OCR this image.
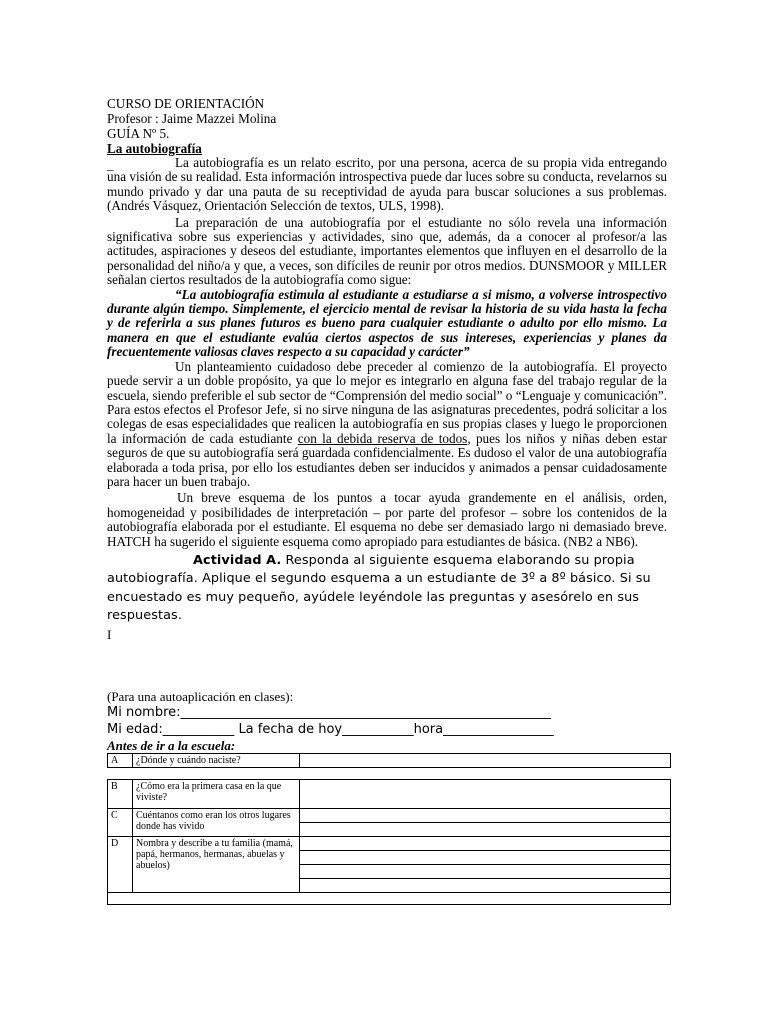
_

CURSO DE ORIENTACIÓN

Profesor : Jaime Mazzei Molina

GUÍA Nº 5.

La autobiografía

La autobiografía es un relato escrito, por una persona, acerca de su propia vida entregando una visión de su realidad. Esta información introspectiva puede dar luces sobre su conducta, revelarnos su mundo privado y dar una pauta de su receptividad de ayuda para buscar soluciones a sus problemas. (Andrés Vásquez, Orientación Selección de textos, ULS, 1998).

La preparación de una autobiografía por el estudiante no sólo revela una información significativa sobre sus experiencias y actividades, sino que, además, da a conocer al profesor/a las actitudes, aspiraciones y deseos del estudiante, importantes elementos que influyen en el desarrollo de la personalidad del niño/a y que, a veces, son difíciles de reunir por otros medios. DUNSMOOR y MILLER señalan ciertos resultados de la autobiografía como sigue:

“La autobiografía estimula al estudiante a estudiarse a si mismo, a volverse introspectivo durante algún tiempo. Simplemente, el ejercicio mental de revisar la historia de su vida hasta la fecha y de referirla a sus planes futuros es bueno para cualquier estudiante o adulto por ello mismo. La manera en que el estudiante evalúa ciertos aspectos de sus intereses, experiencias y planes da frecuentemente valiosas claves respecto a su capacidad y carácter”

Un planteamiento cuidadoso debe preceder al comienzo de la autobiografía. El proyecto puede servir a un doble propósito, ya que lo mejor es integrarlo en alguna fase del trabajo regular de la escuela, siendo preferible el sub sector de “Comprensión del medio social” o “Lenguaje y comunicación”. Para estos efectos el Profesor Jefe, si no sirve ninguna de las asignaturas precedentes, podrá solicitar a los colegas de esas especialidades que realicen la autobiografía en sus propias clases y luego le proporcionen la información de cada estudiante con la debida reserva de todos, pues los niños y niñas deben estar seguros de que su autobiografía será guardada confidencialmente. Es dudoso el valor de una autobiografía elaborada a toda prisa, por ello los estudiantes deben ser inducidos y animados a pensar cuidadosamente para hacer un buen trabajo.

Un breve esquema de los puntos a tocar ayuda grandemente en el análisis, orden, homogeneidad y posibilidades de interpretación – por parte del profesor – sobre los contenidos de la autobiografía elaborada por el estudiante. El esquema no debe ser demasiado largo ni demasiado breve. HATCH ha sugerido el siguiente esquema como apropiado para estudiantes de básica. (NB2 a NB6).

Actividad A. Responda al siguiente esquema elaborando su propia autobiografía. Aplique el segundo esquema a un estudiante de 3º a 8º básico. Si su encuestado es muy pequeño, ayúdele leyéndole las preguntas y asesórelo en sus respuestas.

I

(Para una autoaplicación en clases):

Mi nombre:_________________________________________________________

Mi edad:___________ La fecha de hoy___________hora_________________

Antes de ir a la escuela:

A	¿Dónde y cuándo naciste?	
B	¿Cómo era la primera casa en la que viviste?	
C	Cuéntanos como eran los otros lugares donde has vivido	

D	Nombra y describe a tu familia (mamá, papá, hermanos, hermanas, abuelas y abuelos)	
